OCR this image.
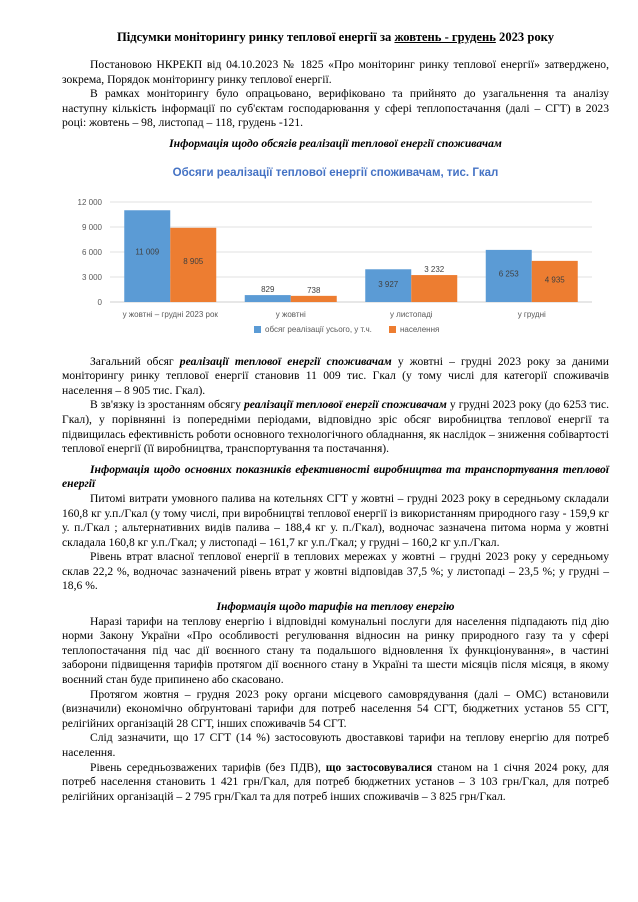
Підсумки моніторингу ринку теплової енергії за жовтень - грудень 2023 року

Постановою НКРЕКП від 04.10.2023 № 1825 «Про моніторинг ринку теплової енергії» затверджено, зокрема, Порядок моніторингу ринку теплової енергії.

В рамках моніторингу було опрацьовано, верифіковано та прийнято до узагальнення та аналізу наступну кількість інформації по суб'єктам господарювання у сфері теплопостачання (далі – СГТ) в 2023 році: жовтень – 98, листопад – 118, грудень -121.

Інформація щодо обсягів реалізації теплової енергії споживачам

Обсяги реалізації теплової енергії споживачам, тис. Гкал
0
3 000
6 000
9 000
12 000
11 009
8 905
у жовтні – грудні 2023 рок
829	738
у жовтні
3 927
3 232
у листопаді
6 253
4 935
у грудні
обсяг реалізації усього, у т.ч.	населення

Загальний обсяг реалізації теплової енергії споживачам у жовтні – грудні 2023 року за даними моніторингу ринку теплової енергії становив 11 009 тис. Гкал (у тому числі для категорії споживачів населення – 8 905 тис. Гкал).

В зв'язку із зростанням обсягу реалізації теплової енергії споживачам у грудні 2023 року (до 6253 тис. Гкал), у порівнянні із попередніми періодами, відповідно зріс обсяг виробництва теплової енергії та підвищилась ефективність роботи основного технологічного обладнання, як наслідок – зниження собівартості теплової енергії (її виробництва, транспортування та постачання).

Інформація щодо основних показників ефективності виробництва та транспортування теплової енергії

Питомі витрати умовного палива на котельнях СГТ у жовтні – грудні 2023 року в середньому складали 160,8 кг у.п./Гкал (у тому числі, при виробництві теплової енергії із використанням природного газу - 159,9 кг у. п./Гкал ; альтернативних видів палива – 188,4 кг у. п./Гкал), водночас зазначена питома норма у жовтні складала 160,8 кг у.п./Гкал; у листопаді – 161,7 кг у.п./Гкал; у грудні – 160,2 кг у.п./Гкал.

Рівень втрат власної теплової енергії в теплових мережах у жовтні – грудні 2023 року у середньому склав 22,2 %, водночас зазначений рівень втрат у жовтні відповідав 37,5 %; у листопаді – 23,5 %; у грудні – 18,6 %.

Інформація щодо тарифів на теплову енергію

Наразі тарифи на теплову енергію і відповідні комунальні послуги для населення підпадають під дію норми Закону України «Про особливості регулювання відносин на ринку природного газу та у сфері теплопостачання під час дії воєнного стану та подальшого відновлення їх функціонування», в частині заборони підвищення тарифів протягом дії воєнного стану в Україні та шести місяців після місяця, в якому воєнний стан буде припинено або скасовано.

Протягом жовтня – грудня 2023 року органи місцевого самоврядування (далі – ОМС) встановили (визначили) економічно обґрунтовані тарифи для потреб населення 54 СГТ, бюджетних установ 55 СГТ, релігійних організацій 28 СГТ, інших споживачів 54 СГТ.

Слід зазначити, що 17 СГТ (14 %) застосовують двоставкові тарифи на теплову енергію для потреб населення.

Рівень середньозважених тарифів (без ПДВ), що застосовувалися станом на 1 січня 2024 року, для потреб населення становить 1 421 грн/Гкал, для потреб бюджетних установ – 3 103 грн/Гкал, для потреб релігійних організацій – 2 795 грн/Гкал та для потреб інших споживачів – 3 825 грн/Гкал.
